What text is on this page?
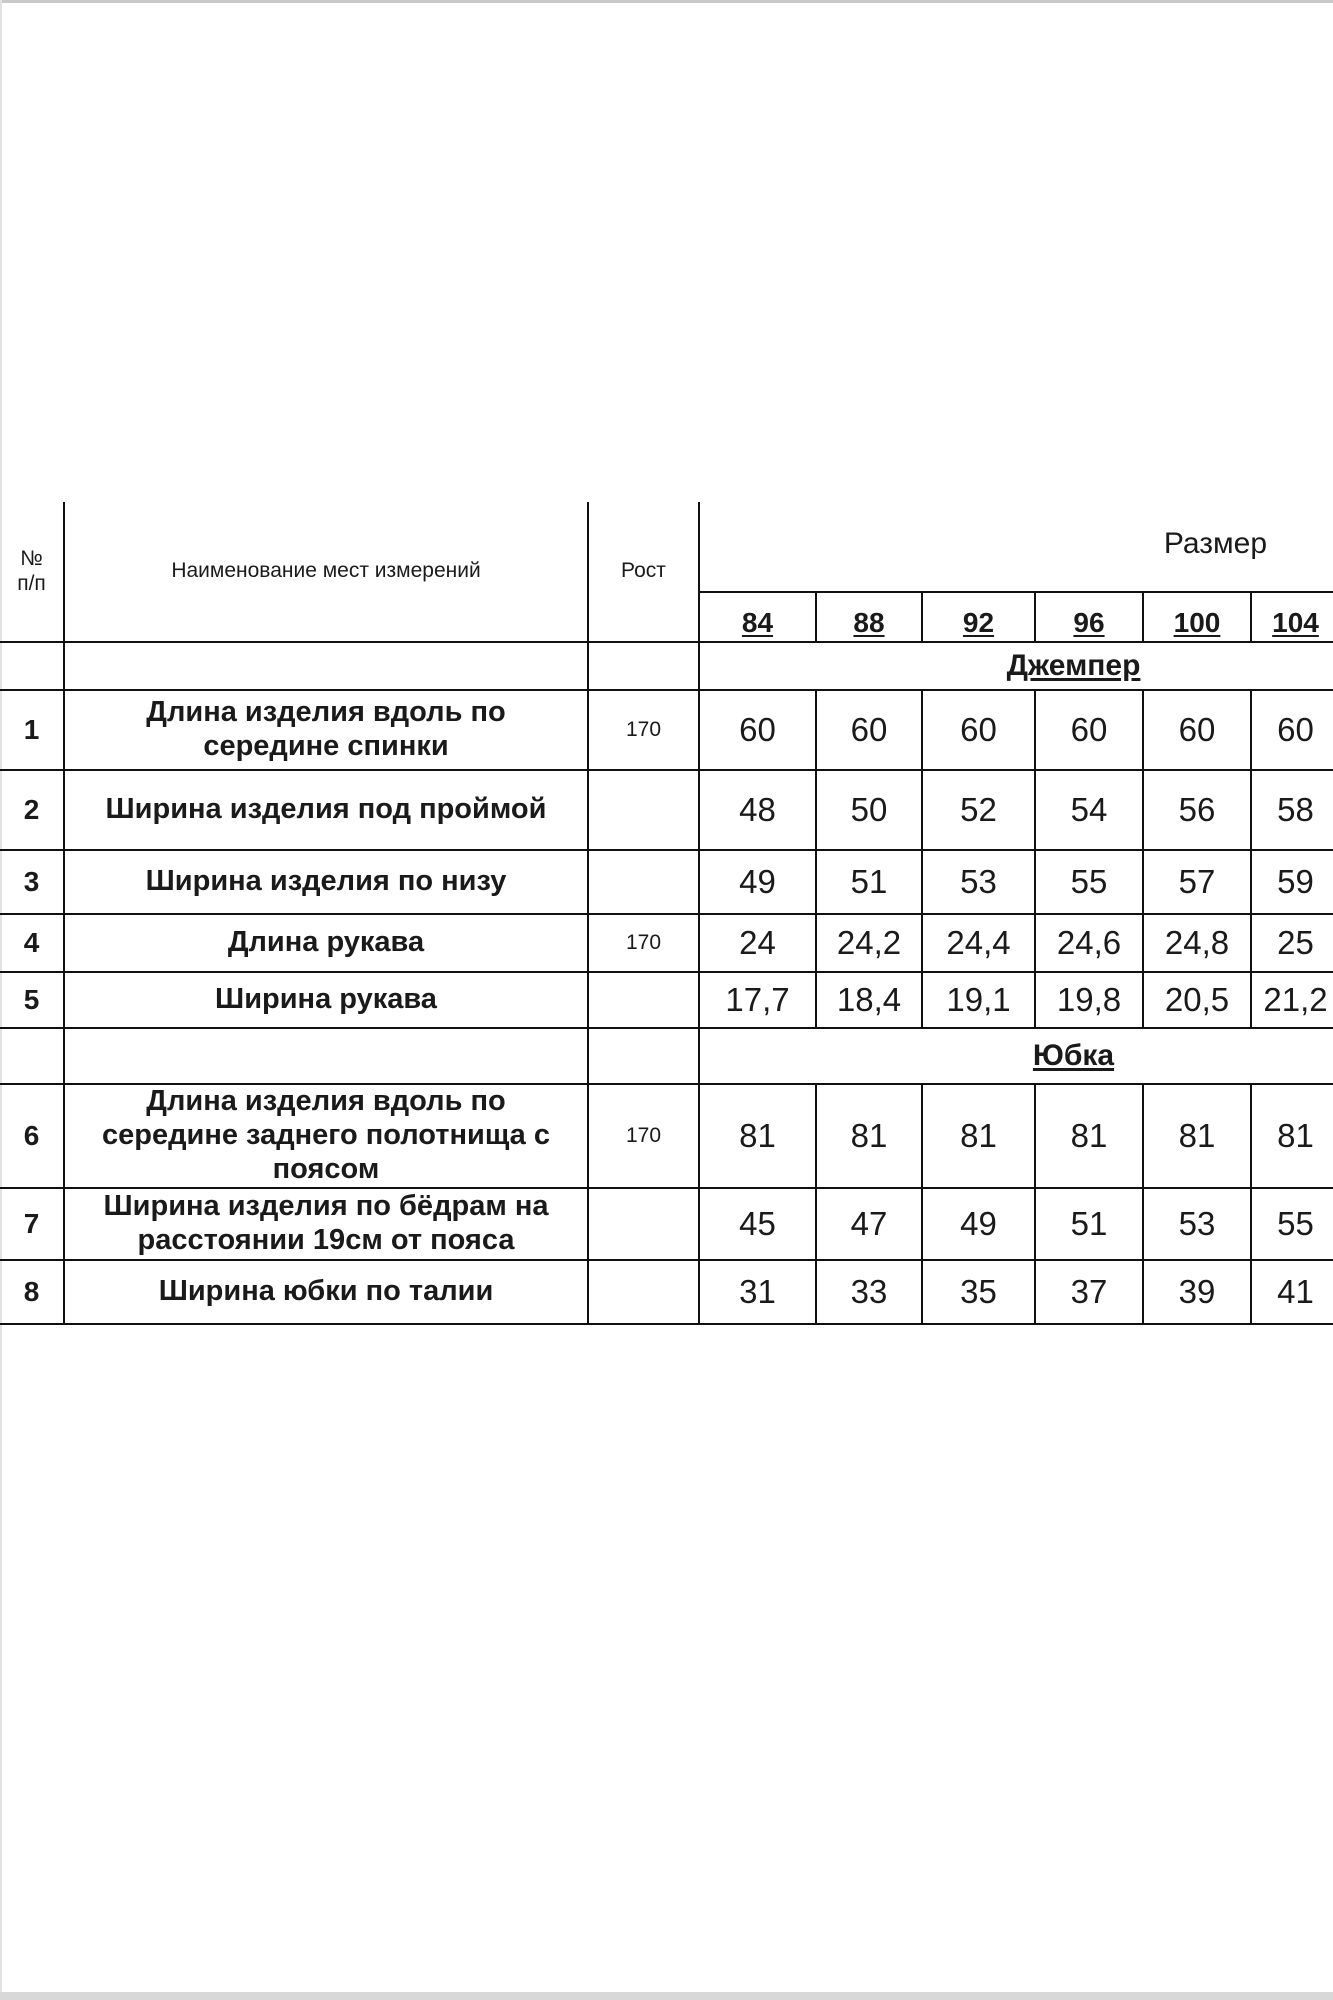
№ п/п	Наименование мест измерений	Рост	Размер					
			84	88	92	96	100	104
				Джемпер				
1	Длина изделия вдоль по середине спинки	170	60	60	60	60	60	60
2	Ширина изделия под проймой		48	50	52	54	56	58
3	Ширина изделия по низу		49	51	53	55	57	59
4	Длина рукава	170	24	24,2	24,4	24,6	24,8	25
5	Ширина рукава		17,7	18,4	19,1	19,8	20,5	21,2
				Юбка				
6	Длина изделия вдоль по середине заднего полотнища с поясом	170	81	81	81	81	81	81
7	Ширина изделия по бёдрам на расстоянии 19см от пояса		45	47	49	51	53	55
8	Ширина юбки по талии		31	33	35	37	39	41
